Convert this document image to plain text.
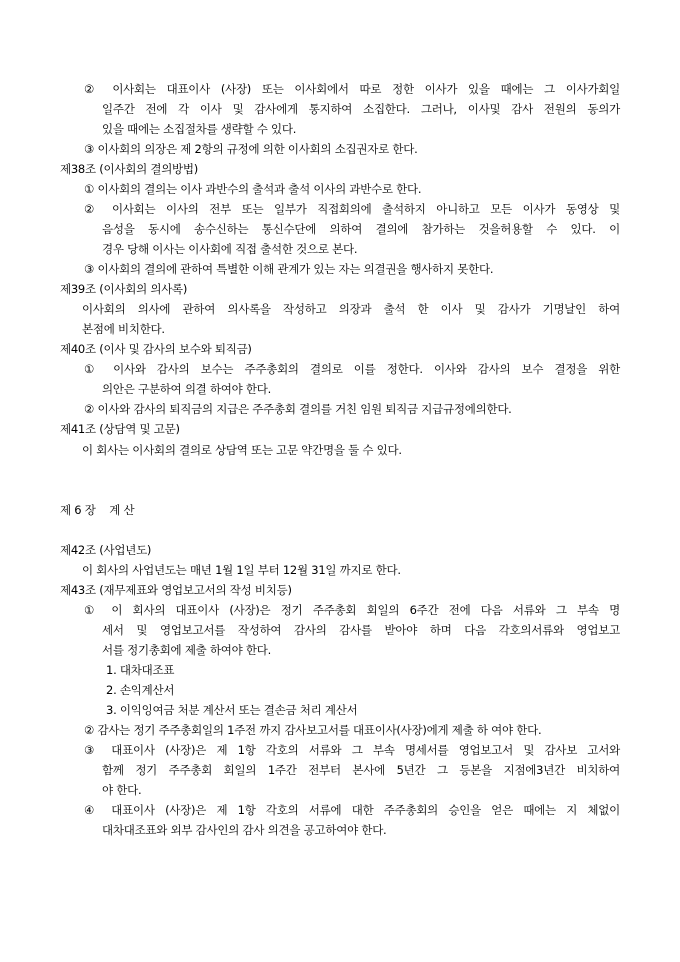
② 이사회는 대표이사 (사장) 또는 이사회에서 따로 정한 이사가 있을 때에는 그 이사가회일
일주간 전에 각 이사 및 감사에게 통지하여 소집한다. 그러나, 이사및 감사 전원의 동의가
있을 때에는 소집절차를 생략할 수 있다.
③ 이사회의 의장은 제 2항의 규정에 의한 이사회의 소집권자로 한다.
제38조 (이사회의 결의방법)
① 이사회의 결의는 이사 과반수의 출석과 출석 이사의 과반수로 한다.
② 이사회는 이사의 전부 또는 일부가 직접회의에 출석하지 아니하고 모든 이사가 동영상 및
음성을 동시에 송수신하는 통신수단에 의하여 결의에 참가하는 것을허용할 수 있다. 이
경우 당해 이사는 이사회에 직접 출석한 것으로 본다.
③ 이사회의 결의에 관하여 특별한 이해 관계가 있는 자는 의결권을 행사하지 못한다.
제39조 (이사회의 의사록)
이사회의 의사에 관하여 의사록을 작성하고 의장과 출석 한 이사 및 감사가 기명날인 하여
본점에 비치한다.
제40조 (이사 및 감사의 보수와 퇴직금)
① 이사와 감사의 보수는 주주총회의 결의로 이를 정한다. 이사와 감사의 보수 결정을 위한
의안은 구분하여 의결 하여야 한다.
② 이사와 감사의 퇴직금의 지급은 주주총회 결의를 거친 임원 퇴직금 지급규정에의한다.
제41조 (상담역 및 고문)
이 회사는 이사회의 결의로 상담역 또는 고문 약간명을 둘 수 있다.
제 6 장    계 산
제42조 (사업년도)
이 회사의 사업년도는 매년 1월 1일 부터 12월 31일 까지로 한다.
제43조 (재무제표와 영업보고서의 작성 비치등)
① 이 회사의 대표이사 (사장)은 정기 주주총회 회일의 6주간 전에 다음 서류와 그 부속 명
세서 및 영업보고서를 작성하여 감사의 감사를 받아야 하며 다음 각호의서류와 영업보고
서를 정기총회에 제출 하여야 한다.
1. 대차대조표
2. 손익계산서
3. 이익잉여금 처분 계산서 또는 결손금 처리 계산서
② 감사는 정기 주주총회일의 1주전 까지 감사보고서를 대표이사(사장)에게 제출 하 여야 한다.
③ 대표이사 (사장)은 제 1항 각호의 서류와 그 부속 명세서를 영업보고서 및 감사보 고서와
함께 정기 주주총회 회일의 1주간 전부터 본사에 5년간 그 등본을 지점에3년간 비치하여
야 한다.
④ 대표이사 (사장)은 제 1항 각호의 서류에 대한 주주총회의 승인을 얻은 때에는 지 체없이
대차대조표와 외부 감사인의 감사 의견을 공고하여야 한다.
